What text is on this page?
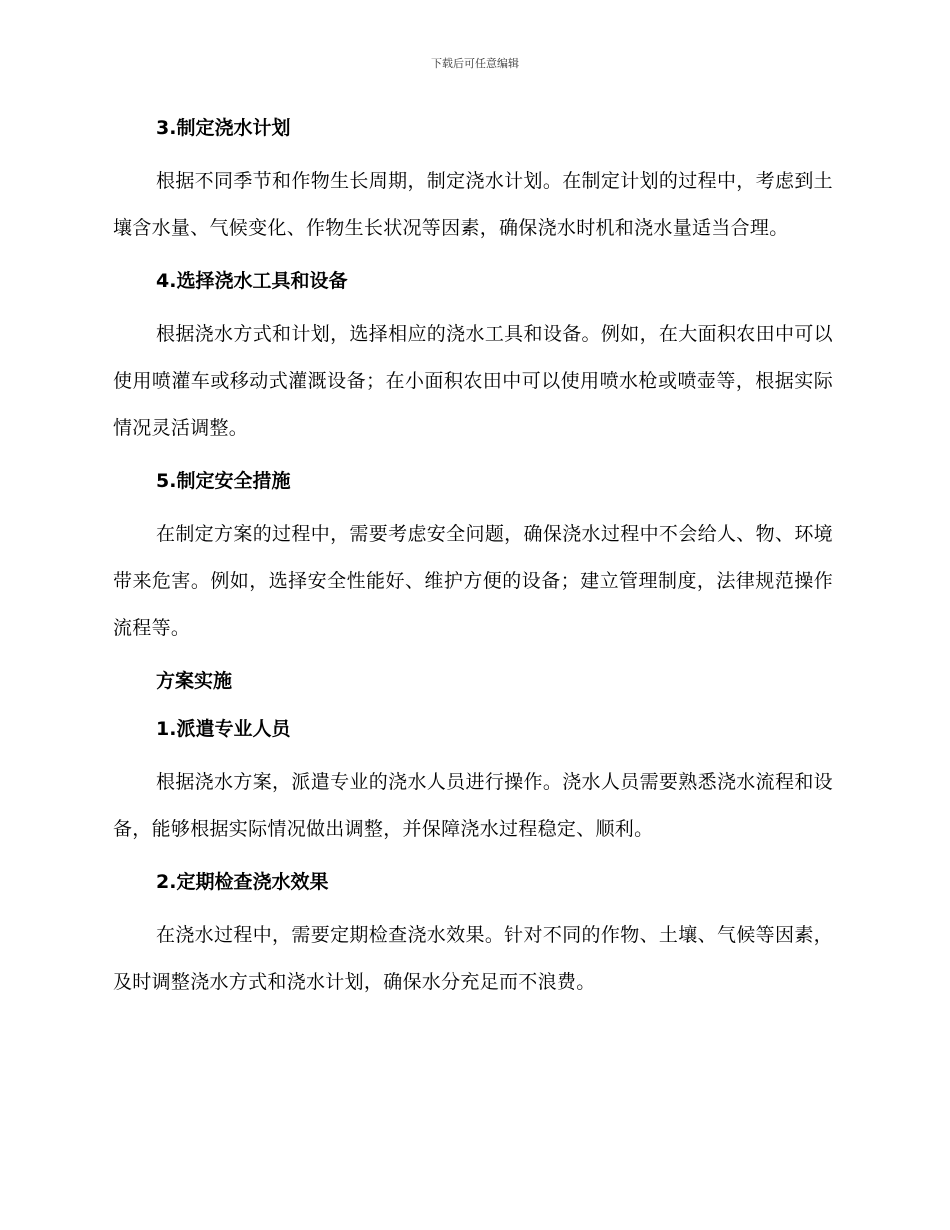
下载后可任意编辑
3.制定浇水计划

根据不同季节和作物生长周期，制定浇水计划。在制定计划的过程中，考虑到土壤含水量、气候变化、作物生长状况等因素，确保浇水时机和浇水量适当合理。

4.选择浇水工具和设备

根据浇水方式和计划，选择相应的浇水工具和设备。例如，在大面积农田中可以使用喷灌车或移动式灌溉设备；在小面积农田中可以使用喷水枪或喷壶等，根据实际情况灵活调整。

5.制定安全措施

在制定方案的过程中，需要考虑安全问题，确保浇水过程中不会给人、物、环境带来危害。例如，选择安全性能好、维护方便的设备；建立管理制度，法律规范操作流程等。

方案实施
1.派遣专业人员

根据浇水方案，派遣专业的浇水人员进行操作。浇水人员需要熟悉浇水流程和设备，能够根据实际情况做出调整，并保障浇水过程稳定、顺利。

2.定期检查浇水效果

在浇水过程中，需要定期检查浇水效果。针对不同的作物、土壤、气候等因素，及时调整浇水方式和浇水计划，确保水分充足而不浪费。
